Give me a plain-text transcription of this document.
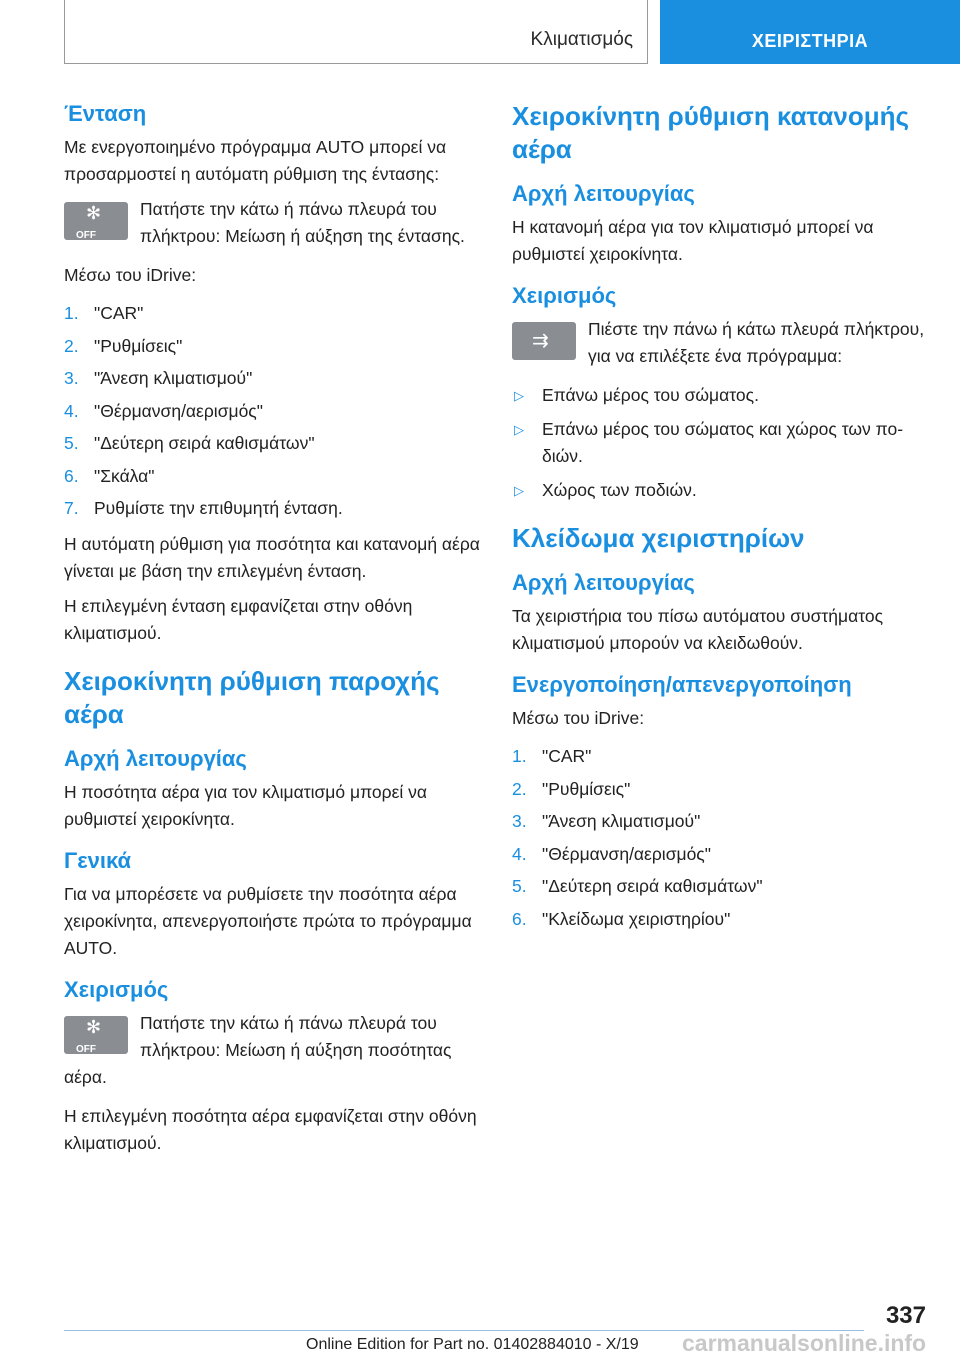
Κλιματισμός	ΧΕΙΡΙΣΤΗΡΙΑ
Ένταση

Με ενεργοποιημένο πρόγραμμα AUTO μπορεί να προσαρμοστεί η αυτόματη ρύθμιση της έντασης:

✻
OFF
Πατήστε την κάτω ή πάνω πλευρά του πλήκτρου: Μείωση ή αύξηση της έντασης.

Μέσω του iDrive:

1. "CAR"
2. "Ρυθμίσεις"
3. "Άνεση κλιματισμού"
4. "Θέρμανση/αερισμός"
5. "Δεύτερη σειρά καθισμάτων"
6. "Σκάλα"
7. Ρυθμίστε την επιθυμητή ένταση.

Η αυτόματη ρύθμιση για ποσότητα και κατανομή αέρα γίνεται με βάση την επιλεγμένη ένταση.

Η επιλεγμένη ένταση εμφανίζεται στην οθόνη κλιματισμού.

Χειροκίνητη ρύθμιση παροχής αέρα
Αρχή λειτουργίας

Η ποσότητα αέρα για τον κλιματισμό μπορεί να ρυθμιστεί χειροκίνητα.

Γενικά

Για να μπορέσετε να ρυθμίσετε την ποσότητα αέρα χειροκίνητα, απενεργοποιήστε πρώτα το πρόγραμμα AUTO.

Χειρισμός
✻
OFF
Πατήστε την κάτω ή πάνω πλευρά του πλήκτρου: Μείωση ή αύξηση ποσότητας αέρα.

Η επιλεγμένη ποσότητα αέρα εμφανίζεται στην οθόνη κλιματισμού.

Χειροκίνητη ρύθμιση κατανομής αέρα
Αρχή λειτουργίας

Η κατανομή αέρα για τον κλιματισμό μπορεί να ρυθμιστεί χειροκίνητα.

Χειρισμός
⇉
Πιέστε την πάνω ή κάτω πλευρά πλήκτρου, για να επιλέξετε ένα πρόγραμμα:
▷ Επάνω μέρος του σώματος.
▷ Επάνω μέρος του σώματος και χώρος των ποδιών.
▷ Χώρος των ποδιών.
Κλείδωμα χειριστηρίων
Αρχή λειτουργίας

Τα χειριστήρια του πίσω αυτόματου συστήματος κλιματισμού μπορούν να κλειδωθούν.

Ενεργοποίηση/απενεργοποίηση

Μέσω του iDrive:

1. "CAR"
2. "Ρυθμίσεις"
3. "Άνεση κλιματισμού"
4. "Θέρμανση/αερισμός"
5. "Δεύτερη σειρά καθισμάτων"
6. "Κλείδωμα χειριστηρίου"
337
Online Edition for Part no. 01402884010 - X/19 carmanualsonline.info
